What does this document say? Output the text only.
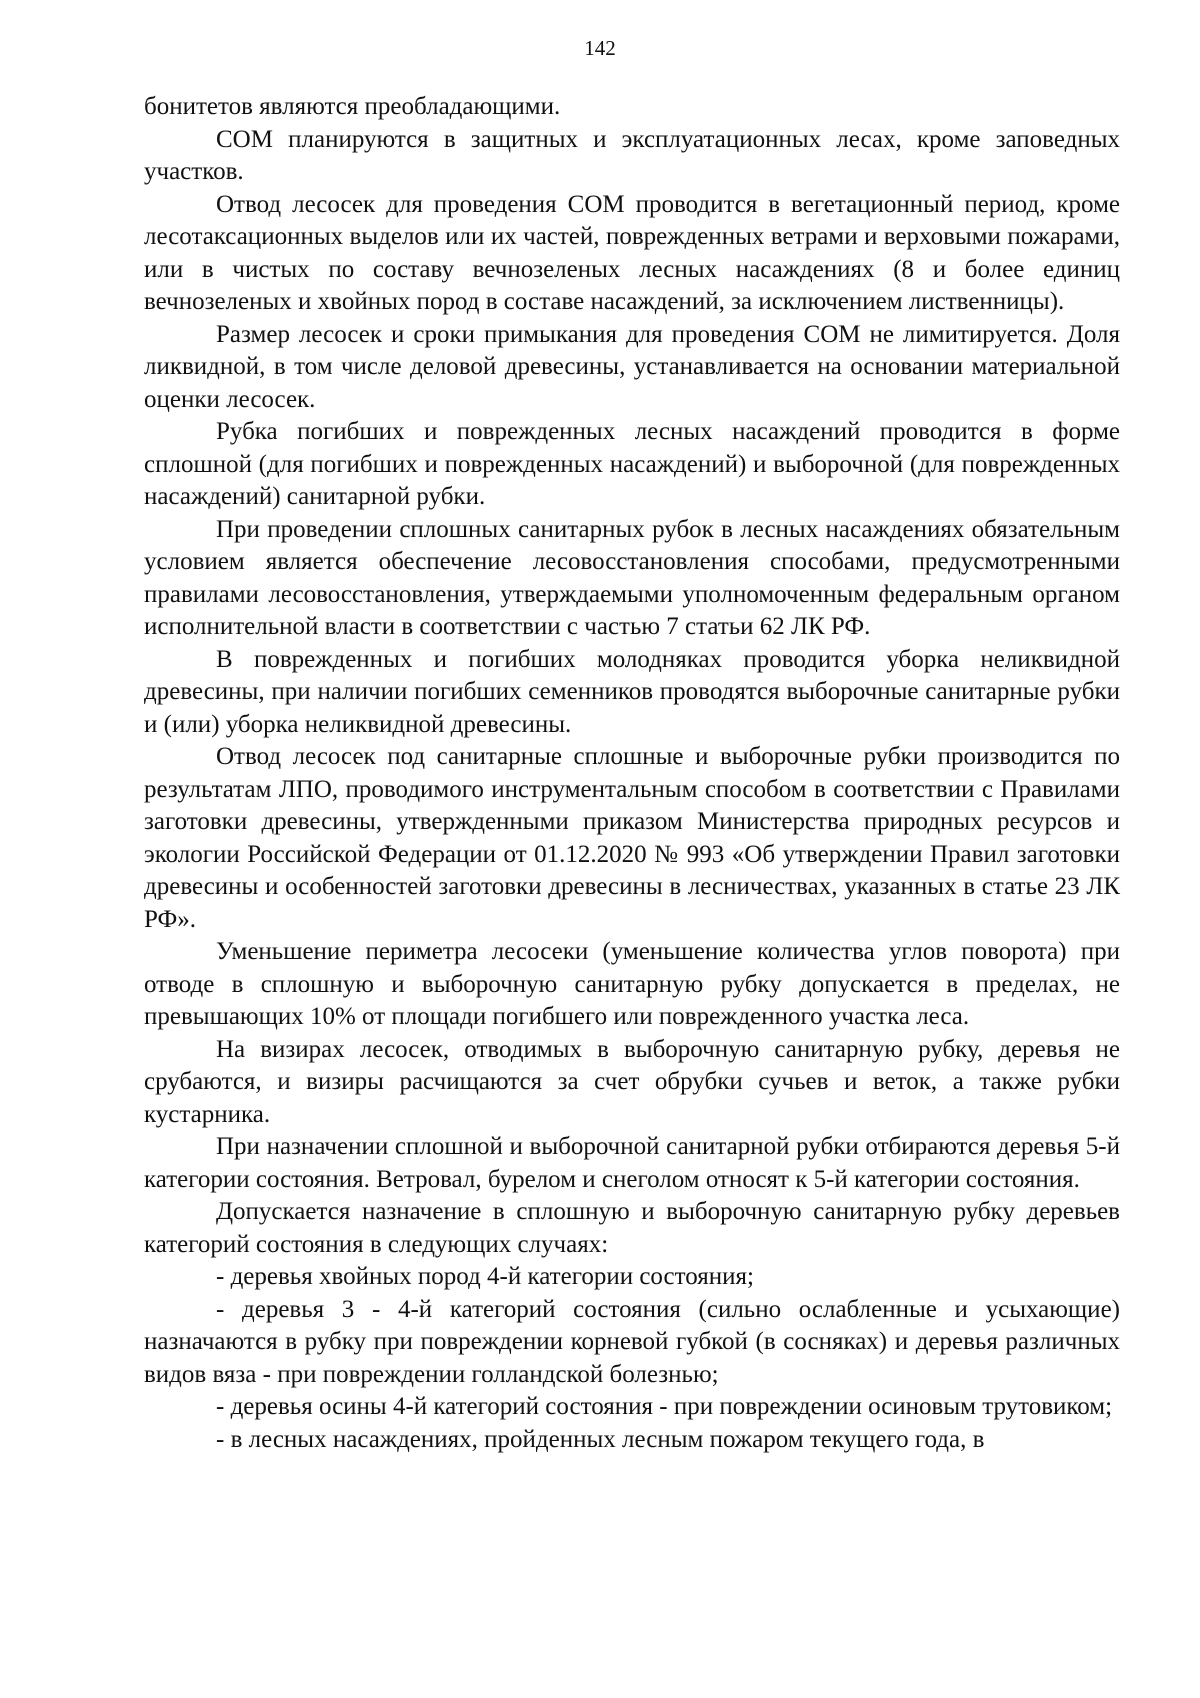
142

бонитетов являются преобладающими.

СОМ планируются в защитных и эксплуатационных лесах, кроме заповедных участков.

Отвод лесосек для проведения СОМ проводится в вегетационный период, кроме лесотаксационных выделов или их частей, поврежденных ветрами и верховыми пожарами, или в чистых по составу вечнозеленых лесных насаждениях (8 и более единиц вечнозеленых и хвойных пород в составе насаждений, за исключением лиственницы).

Размер лесосек и сроки примыкания для проведения СОМ не лимитируется. Доля ликвидной, в том числе деловой древесины, устанавливается на основании материальной оценки лесосек.

Рубка погибших и поврежденных лесных насаждений проводится в форме сплошной (для погибших и поврежденных насаждений) и выборочной (для поврежденных насаждений) санитарной рубки.

При проведении сплошных санитарных рубок в лесных насаждениях обязательным условием является обеспечение лесовосстановления способами, предусмотренными правилами лесовосстановления, утверждаемыми уполномоченным федеральным органом исполнительной власти в соответствии с частью 7 статьи 62 ЛК РФ.

В поврежденных и погибших молодняках проводится уборка неликвидной древесины, при наличии погибших семенников проводятся выборочные санитарные рубки и (или) уборка неликвидной древесины.

Отвод лесосек под санитарные сплошные и выборочные рубки производится по результатам ЛПО, проводимого инструментальным способом в соответствии с Правилами заготовки древесины, утвержденными приказом Министерства природных ресурсов и экологии Российской Федерации от 01.12.2020 № 993 «Об утверждении Правил заготовки древесины и особенностей заготовки древесины в лесничествах, указанных в статье 23 ЛК РФ».

Уменьшение периметра лесосеки (уменьшение количества углов поворота) при отводе в сплошную и выборочную санитарную рубку допускается в пределах, не превышающих 10% от площади погибшего или поврежденного участка леса.

На визирах лесосек, отводимых в выборочную санитарную рубку, деревья не срубаются, и визиры расчищаются за счет обрубки сучьев и веток, а также рубки кустарника.

При назначении сплошной и выборочной санитарной рубки отбираются деревья 5-й категории состояния. Ветровал, бурелом и снеголом относят к 5-й категории состояния.

Допускается назначение в сплошную и выборочную санитарную рубку деревьев категорий состояния в следующих случаях:

- деревья хвойных пород 4-й категории состояния;

- деревья 3 - 4-й категорий состояния (сильно ослабленные и усыхающие) назначаются в рубку при повреждении корневой губкой (в сосняках) и деревья различных видов вяза - при повреждении голландской болезнью;

- деревья осины 4-й категорий состояния - при повреждении осиновым трутовиком;

- в лесных насаждениях, пройденных лесным пожаром текущего года, в
